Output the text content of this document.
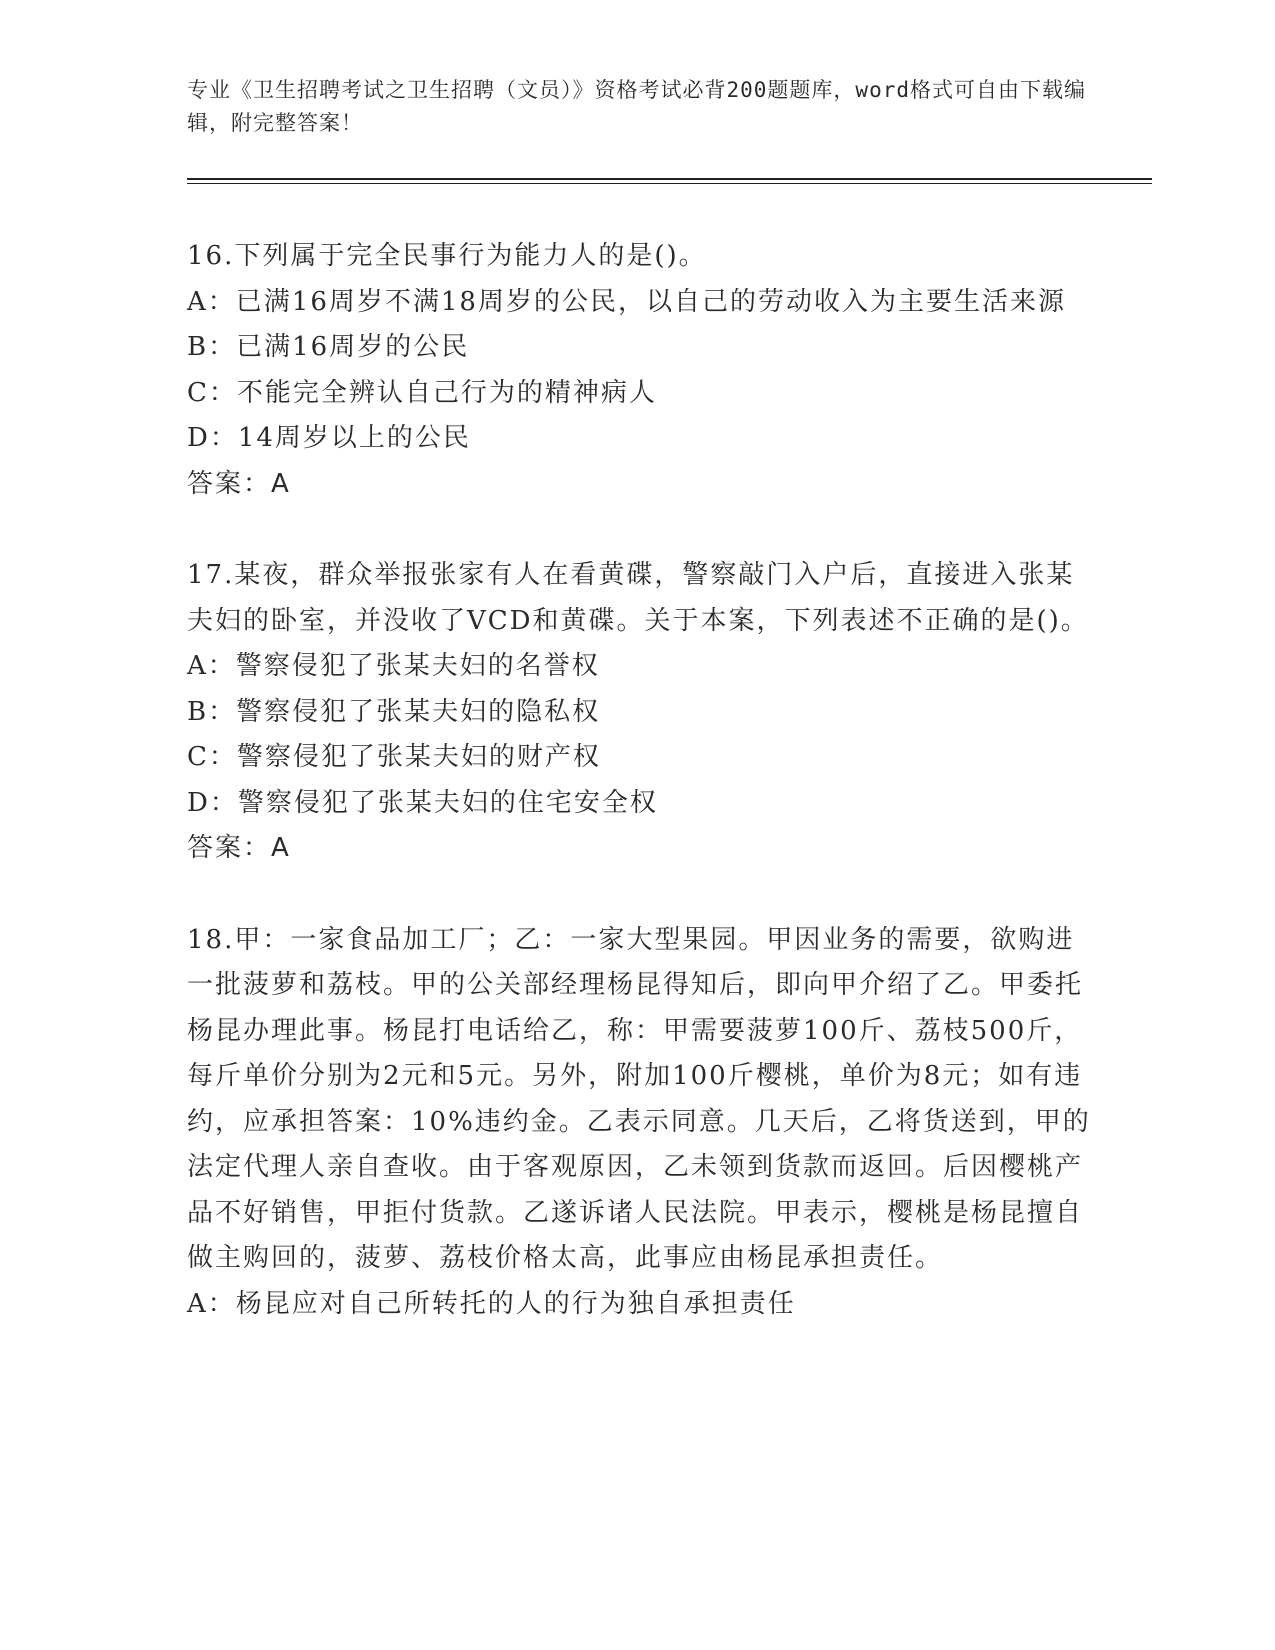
专业《卫生招聘考试之卫生招聘（文员）》资格考试必背200题题库，word格式可自由下载编辑，附完整答案！

16.下列属于完全民事行为能力人的是()。

A：已满16周岁不满18周岁的公民，以自己的劳动收入为主要生活来源

B：已满16周岁的公民

C：不能完全辨认自己行为的精神病人

D：14周岁以上的公民

答案：A

17.某夜，群众举报张家有人在看黄碟，警察敲门入户后，直接进入张某夫妇的卧室，并没收了VCD和黄碟。关于本案，下列表述不正确的是()。

A：警察侵犯了张某夫妇的名誉权

B：警察侵犯了张某夫妇的隐私权

C：警察侵犯了张某夫妇的财产权

D：警察侵犯了张某夫妇的住宅安全权

答案：A

18.甲：一家食品加工厂；乙：一家大型果园。甲因业务的需要，欲购进一批菠萝和荔枝。甲的公关部经理杨昆得知后，即向甲介绍了乙。甲委托杨昆办理此事。杨昆打电话给乙，称：甲需要菠萝100斤、荔枝500斤，每斤单价分别为2元和5元。另外，附加100斤樱桃，单价为8元；如有违约，应承担答案：10%违约金。乙表示同意。几天后，乙将货送到，甲的法定代理人亲自查收。由于客观原因，乙未领到货款而返回。后因樱桃产品不好销售，甲拒付货款。乙遂诉诸人民法院。甲表示，樱桃是杨昆擅自做主购回的，菠萝、荔枝价格太高，此事应由杨昆承担责任。

A：杨昆应对自己所转托的人的行为独自承担责任
